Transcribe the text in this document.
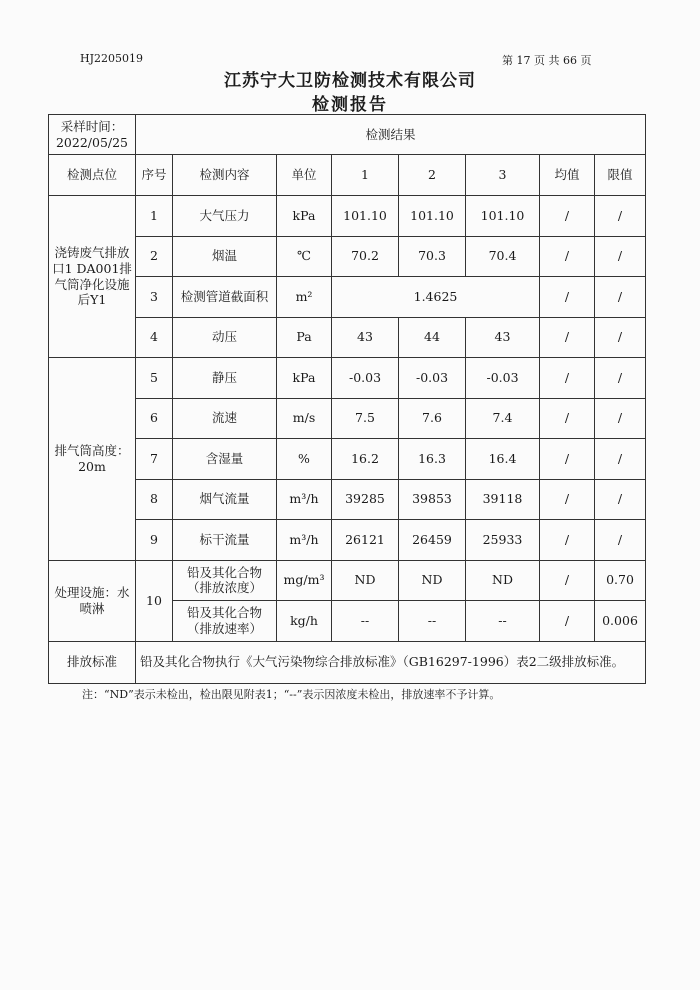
HJ2205019	第 17 页 共 66 页
江苏宁大卫防检测技术有限公司
检测报告
采样时间：
2022/05/25	检测结果							
检测点位	序号	检测内容	单位	1	2	3	均值	限值
浇铸废气排放口1 DA001排气筒净化设施后Y1	1	大气压力	kPa	101.10	101.10	101.10	/	/
	2	烟温	℃	70.2	70.3	70.4	/	/
	3	检测管道截面积	m²	1.4625			/	/
	4	动压	Pa	43	44	43	/	/
排气筒高度：20m	5	静压	kPa	-0.03	-0.03	-0.03	/	/
	6	流速	m/s	7.5	7.6	7.4	/	/
	7	含湿量	%	16.2	16.3	16.4	/	/
	8	烟气流量	m³/h	39285	39853	39118	/	/
	9	标干流量	m³/h	26121	26459	25933	/	/
处理设施：水喷淋	10	铅及其化合物（排放浓度）	mg/m³	ND	ND	ND	/	0.70
		铅及其化合物（排放速率）	kg/h	--	--	--	/	0.006
排放标准	铅及其化合物执行《大气污染物综合排放标准》（GB16297-1996）表2二级排放标准。							
注：“ND”表示未检出，检出限见附表1；“--”表示因浓度未检出，排放速率不予计算。
